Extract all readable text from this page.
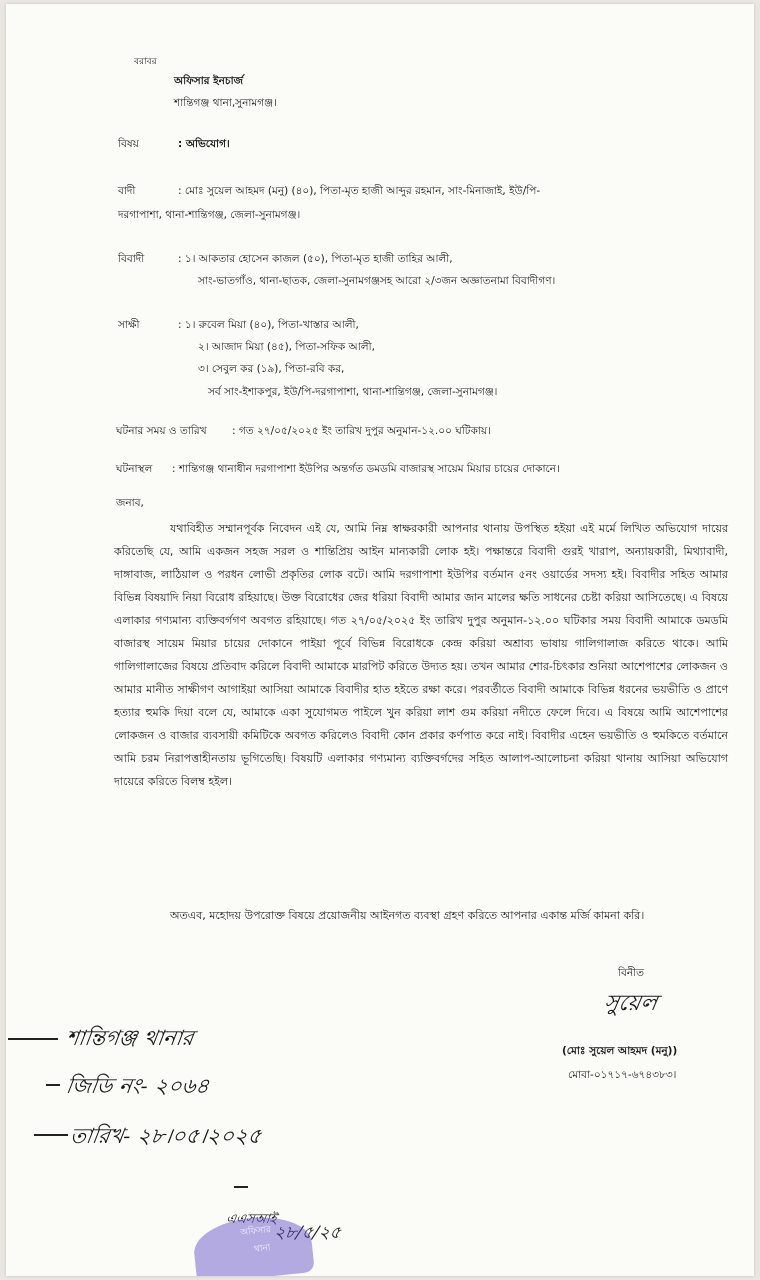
বরাবর
অফিসার ইনচার্জ
শান্তিগঞ্জ থানা,সুনামগঞ্জ।
বিষয়	: অভিযোগ।
বাদী	: মোঃ সুয়েল আহমদ (মনু) (৪০), পিতা-মৃত হাজী আব্দুর রহমান, সাং-মিনাজাই, ইউ/পি-
দরগাপাশা, থানা-শান্তিগঞ্জ, জেলা-সুনামগঞ্জ।
বিবাদী	: ১। আকতার হোসেন কাজল (৫০), পিতা-মৃত হাজী তাহির আলী,
সাং-ভাতগাঁও, থানা-ছাতক, জেলা-সুনামগঞ্জসহ আরো ২/৩জন অজ্ঞাতনামা বিবাদীগণ।
সাক্ষী	: ১। রুবেল মিয়া (৪০), পিতা-খাস্তার আলী,
২। আজাদ মিয়া (৪৫), পিতা-সফিক আলী,
৩। সেবুল কর (১৯), পিতা-রবি কর,
সর্ব সাং-ইশাকপুর, ইউ/পি-দরগাপাশা, থানা-শান্তিগঞ্জ, জেলা-সুনামগঞ্জ।
ঘটনার সময় ও তারিখ : গত ২৭/০৫/২০২৫ ইং তারিখ দুপুর অনুমান-১২.০০ ঘটিকায়।
ঘটনাস্থল : শান্তিগঞ্জ থানাধীন দরগাপাশা ইউপির অন্তর্গত ডমডমি বাজারস্থ সায়েম মিয়ার চায়ের দোকানে।
জনাব,
যথাবিহীত সম্মানপূর্বক নিবেদন এই যে, আমি নিম্ন স্বাক্ষরকারী আপনার থানায় উপস্থিত হইয়া এই মর্মে লিখিত অভিযোগ দায়ের করিতেছি যে, আমি একজন সহজ সরল ও শান্তিপ্রিয় আইন মান্যকারী লোক হই। পক্ষান্তরে বিবাদী গুরই খারাপ, অন্যায়কারী, মিথ্যাবাদী, দাঙ্গাবাজ, লাঠিয়াল ও পরধন লোভী প্রকৃতির লোক বটে। আমি দরগাপাশা ইউপির বর্তমান ৫নং ওয়ার্ডের সদস্য হই। বিবাদীর সহিত আমার বিভিন্ন বিষয়াদি নিয়া বিরোধ রহিয়াছে। উক্ত বিরোধের জের ধরিয়া বিবাদী আমার জান মালের ক্ষতি সাধনের চেষ্টা করিয়া আসিতেছে। এ বিষয়ে এলাকার গণ্যমান্য ব্যক্তিবর্গগণ অবগত রহিয়াছে। গত ২৭/০৫/২০২৫ ইং তারিখ দুপুর অনুমান-১২.০০ ঘটিকার সময় বিবাদী আমাকে ডমডমি বাজারস্থ সায়েম মিয়ার চায়ের দোকানে পাইয়া পূর্বে বিভিন্ন বিরোধকে কেন্দ্র করিয়া অশ্রাব্য ভাষায় গালিগালাজ করিতে থাকে। আমি গালিগালাজের বিষয়ে প্রতিবাদ করিলে বিবাদী আমাকে মারপিট করিতে উদ্যত হয়। তখন আমার শোর-চিৎকার শুনিয়া আশেপাশের লোকজন ও আমার মানীত সাক্ষীগণ আগাইয়া আসিয়া আমাকে বিবাদীর হাত হইতে রক্ষা করে। পরবর্তীতে বিবাদী আমাকে বিভিন্ন ধরনের ভয়ভীতি ও প্রাণে হত্যার হুমকি দিয়া বলে যে, আমাকে একা সুযোগমত পাইলে খুন করিয়া লাশ গুম করিয়া নদীতে ফেলে দিবে। এ বিষয়ে আমি আশেপাশের লোকজন ও বাজার ব্যবসায়ী কমিটিকে অবগত করিলেও বিবাদী কোন প্রকার কর্ণপাত করে নাই। বিবাদীর এহেন ভয়ভীতি ও হুমকিতে বর্তমানে আমি চরম নিরাপত্তাহীনতায় ভূগিতেছি। বিষয়টি এলাকার গণ্যমান্য ব্যক্তিবর্গদের সহিত আলাপ-আলোচনা করিয়া থানায় আসিয়া অভিযোগ দায়েরে করিতে বিলম্ব হইল।
অতএব, মহোদয় উপরোক্ত বিষয়ে প্রয়োজনীয় আইনগত ব্যবস্থা গ্রহণ করিতে আপনার একান্ত মর্জি কামনা করি।
বিনীত
সুয়েল
(মোঃ সুয়েল আহমদ (মনু))
মোবা-০১৭১৭-৬৭৪৩৮৩।
শান্তিগঞ্জ থানার
জিডি নং- ২০৬৪
তারিখ- ২৮।০৫।২০২৫
এএসআই
২৮/৫/২৫
অফিসার
থানা
